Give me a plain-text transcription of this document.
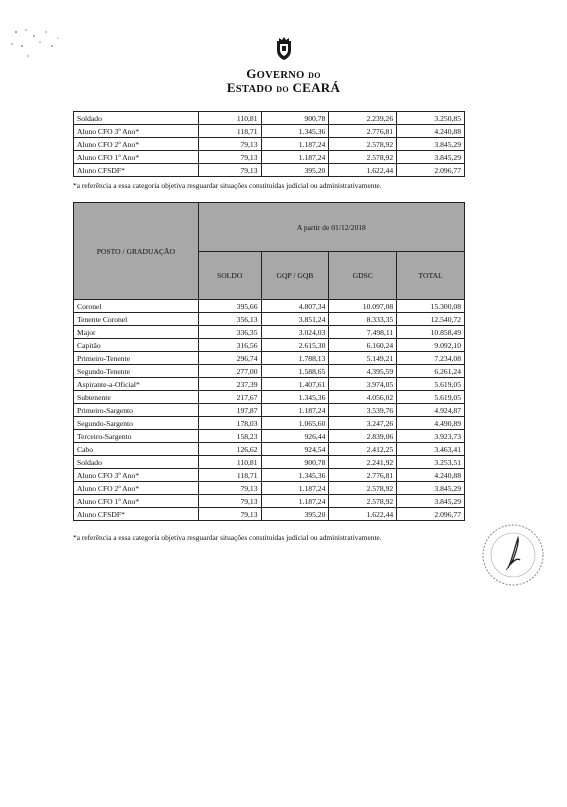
GOVERNO DO
ESTADO DO CEARÁ
Soldado	110,81	900,78	2.239,26	3.250,85
Aluno CFO 3º Ano*	118,71	1.345,36	2.776,81	4.240,88
Aluno CFO 2º Ano*	79,13	1.187,24	2.578,92	3.845,29
Aluno CFO 1º Ano*	79,13	1.187,24	2.578,92	3.845,29
Aluno CFSDF*	79,13	395,20	1.622,44	2.096,77
*a referência a essa categoria objetiva resguardar situações constituídas judicial ou administrativamente.
POSTO / GRADUAÇÃO	A partir de 01/12/2018			
	SOLDO	GQP / GQB	GDSC	TOTAL
Coronel	395,66	4.807,34	10.097,08	15.300,08
Tenente Coronel	356,13	3.851,24	8.333,35	12.540,72
Major	336,35	3.024,03	7.498,11	10.858,49
Capitão	316,56	2.615,30	6.160,24	9.092,10
Primeiro-Tenente	296,74	1.788,13	5.149,21	7.234,08
Segundo-Tenente	277,00	1.588,65	4.395,59	6.261,24
Aspirante-a-Oficial*	237,39	1.407,61	3.974,05	5.619,05
Subtenente	217,67	1.345,36	4.056,02	5.619,05
Primeiro-Sargento	197,87	1.187,24	3.539,76	4.924,87
Segundo-Sargento	178,03	1.065,60	3.247,26	4.490,89
Terceiro-Sargento	158,23	926,44	2.839,06	3.923,73
Cabo	126,62	924,54	2.412,25	3.463,41
Soldado	110,81	900,78	2.241,92	3.253,51
Aluno CFO 3º Ano*	118,71	1.345,36	2.776,81	4.240,88
Aluno CFO 2º Ano*	79,13	1.187,24	2.578,92	3.845,29
Aluno CFO 1º Ano*	79,13	1.187,24	2.578,92	3.845,29
Aluno CFSDF*	79,13	395,20	1.622,44	2.096,77
*a referência a essa categoria objetiva resguardar situações constituídas judicial ou administrativamente.
